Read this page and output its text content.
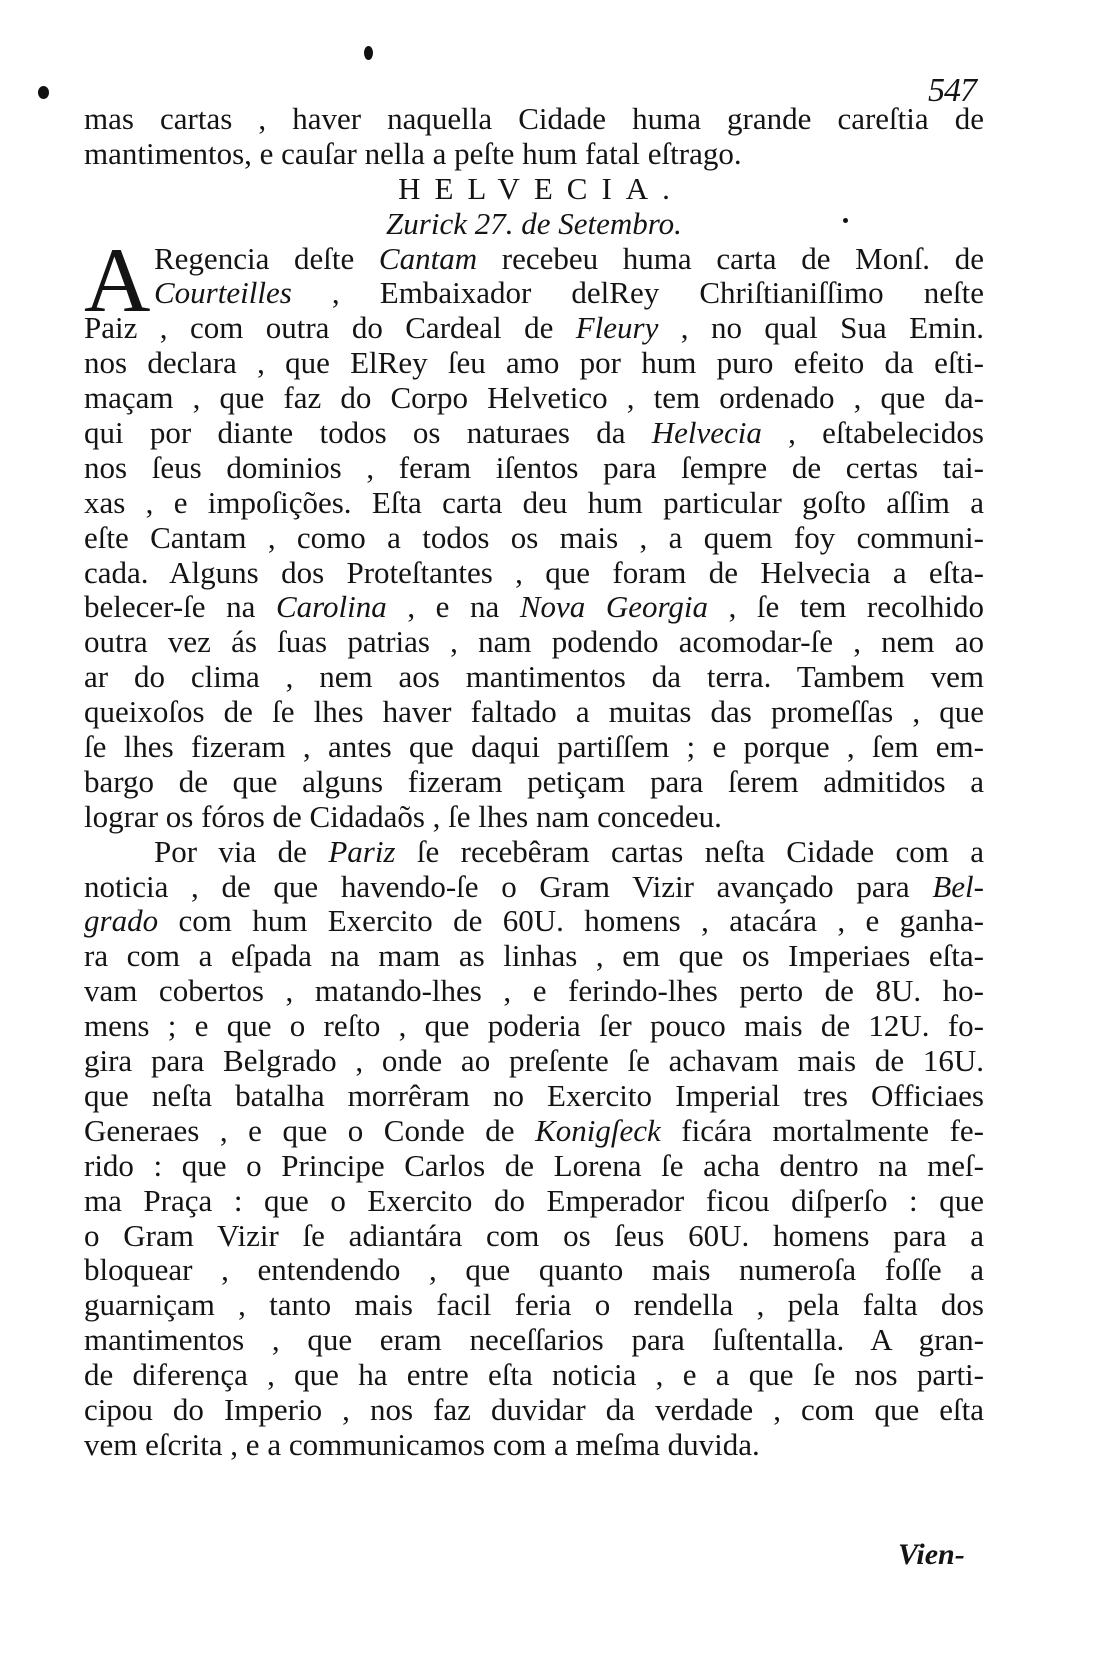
547
mas cartas , haver naquella Cidade huma grande careſtia de
mantimentos, e cauſar nella a peſte hum fatal eſtrago.
HELVECIA.
Zurick 27. de Setembro.
A Regencia deſte Cantam recebeu huma carta de Monſ. de
Courteilles , Embaixador delRey Chriſtianiſſimo neſte
Paiz , com outra do Cardeal de Fleury , no qual Sua Emin.
nos declara , que ElRey ſeu amo por hum puro efeito da eſti-
maçam , que faz do Corpo Helvetico , tem ordenado , que da-
qui por diante todos os naturaes da Helvecia , eſtabelecidos
nos ſeus dominios , feram iſentos para ſempre de certas tai-
xas , e impoſições. Eſta carta deu hum particular goſto aſſim a
eſte Cantam , como a todos os mais , a quem foy communi-
cada. Alguns dos Proteſtantes , que foram de Helvecia a eſta-
belecer-ſe na Carolina , e na Nova Georgia , ſe tem recolhido
outra vez ás ſuas patrias , nam podendo acomodar-ſe , nem ao
ar do clima , nem aos mantimentos da terra. Tambem vem
queixoſos de ſe lhes haver faltado a muitas das promeſſas , que
ſe lhes fizeram , antes que daqui partiſſem ; e porque , ſem em-
bargo de que alguns fizeram petiçam para ſerem admitidos a
lograr os fóros de Cidadaõs , ſe lhes nam concedeu.
Por via de Pariz ſe recebêram cartas neſta Cidade com a
noticia , de que havendo-ſe o Gram Vizir avançado para Bel-
grado com hum Exercito de 60U. homens , atacára , e ganha-
ra com a eſpada na mam as linhas , em que os Imperiaes eſta-
vam cobertos , matando-lhes , e ferindo-lhes perto de 8U. ho-
mens ; e que o reſto , que poderia ſer pouco mais de 12U. fo-
gira para Belgrado , onde ao preſente ſe achavam mais de 16U.
que neſta batalha morrêram no Exercito Imperial tres Officiaes
Generaes , e que o Conde de Konigſeck ficára mortalmente fe-
rido : que o Principe Carlos de Lorena ſe acha dentro na meſ-
ma Praça : que o Exercito do Emperador ficou diſperſo : que
o Gram Vizir ſe adiantára com os ſeus 60U. homens para a
bloquear , entendendo , que quanto mais numeroſa foſſe a
guarniçam , tanto mais facil feria o rendella , pela falta dos
mantimentos , que eram neceſſarios para ſuſtentalla. A gran-
de diferença , que ha entre eſta noticia , e a que ſe nos parti-
cipou do Imperio , nos faz duvidar da verdade , com que eſta
vem eſcrita , e a communicamos com a meſma duvida.
Vien-
